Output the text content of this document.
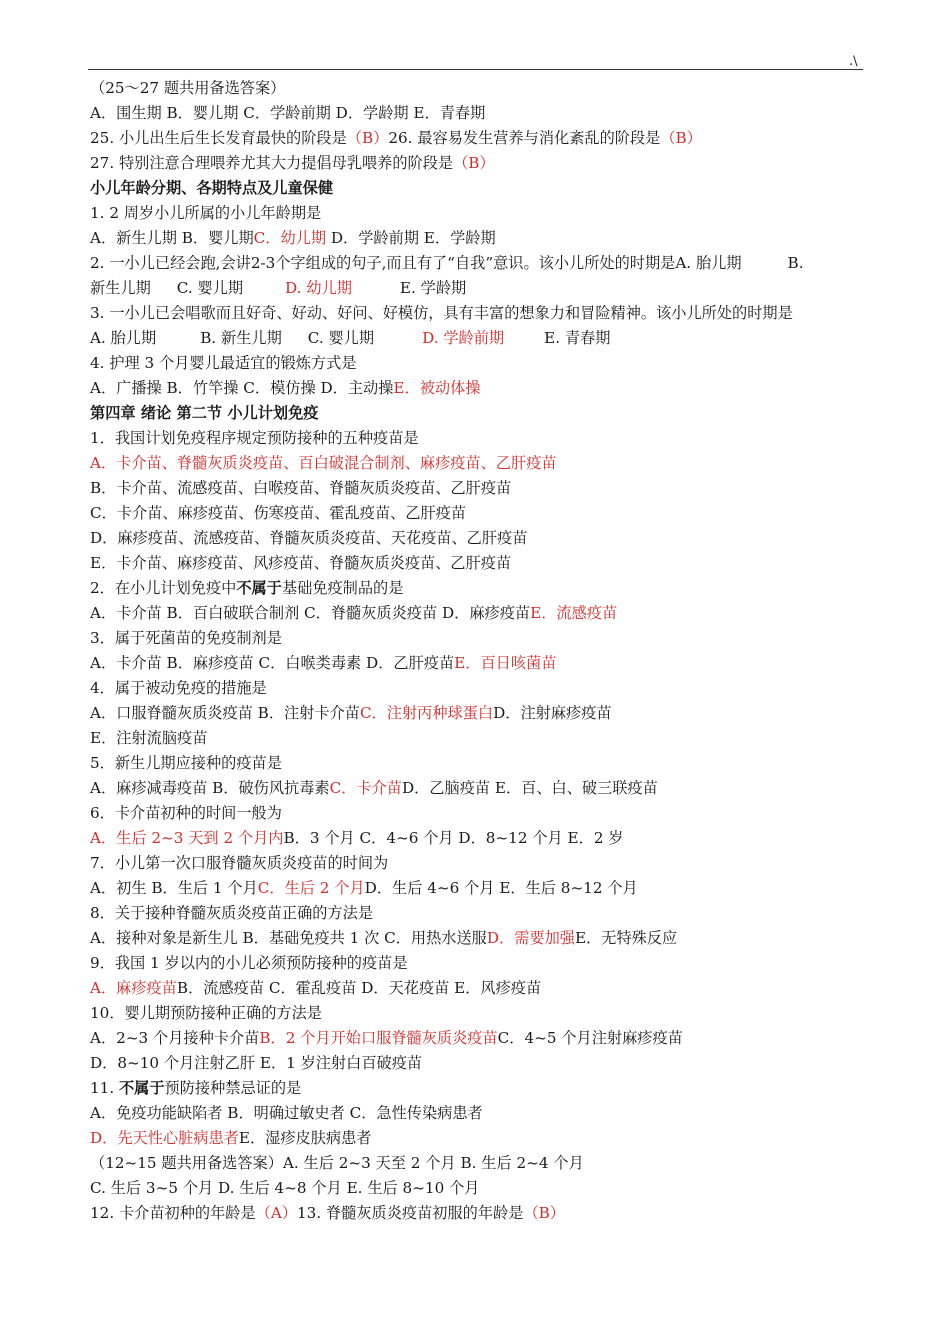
.\
（25～27 题共用备选答案）
A．围生期 B．婴儿期 C．学龄前期 D．学龄期 E．青春期
25. 小儿出生后生长发育最快的阶段是（B）26. 最容易发生营养与消化紊乱的阶段是（B）
27. 特别注意合理喂养尤其大力提倡母乳喂养的阶段是（B）
小儿年龄分期、各期特点及儿童保健
1. 2 周岁小儿所属的小儿年龄期是
A．新生儿期 B．婴儿期C．幼儿期 D．学龄前期 E．学龄期
2. 一小儿已经会跑,会讲2-3个字组成的句子,而且有了“自我”意识。该小儿所处的时期是A. 胎儿期	B.
新生儿期 C. 婴儿期	D. 幼儿期	E. 学龄期
3. 一小儿已会唱歌而且好奇、好动、好问、好模仿，具有丰富的想象力和冒险精神。该小儿所处的时期是
A. 胎儿期	B. 新生儿期 C. 婴儿期	D. 学龄前期	E. 青春期
4. 护理 3 个月婴儿最适宜的锻炼方式是
A．广播操 B．竹竿操 C．模仿操 D．主动操E．被动体操
第四章 绪论 第二节 小儿计划免疫
1．我国计划免疫程序规定预防接种的五种疫苗是
A．卡介苗、脊髓灰质炎疫苗、百白破混合制剂、麻疹疫苗、乙肝疫苗
B．卡介苗、流感疫苗、白喉疫苗、脊髓灰质炎疫苗、乙肝疫苗
C．卡介苗、麻疹疫苗、伤寒疫苗、霍乱疫苗、乙肝疫苗
D．麻疹疫苗、流感疫苗、脊髓灰质炎疫苗、天花疫苗、乙肝疫苗
E．卡介苗、麻疹疫苗、风疹疫苗、脊髓灰质炎疫苗、乙肝疫苗
2．在小儿计划免疫中不属于基础免疫制品的是
A．卡介苗 B．百白破联合制剂 C．脊髓灰质炎疫苗 D．麻疹疫苗E．流感疫苗
3．属于死菌苗的免疫制剂是
A．卡介苗 B．麻疹疫苗 C．白喉类毒素 D．乙肝疫苗E．百日咳菌苗
4．属于被动免疫的措施是
A．口服脊髓灰质炎疫苗 B．注射卡介苗C．注射丙种球蛋白D．注射麻疹疫苗
E．注射流脑疫苗
5．新生儿期应接种的疫苗是
A．麻疹减毒疫苗 B．破伤风抗毒素C．卡介苗D．乙脑疫苗 E．百、白、破三联疫苗
6．卡介苗初种的时间一般为
A．生后 2~3 天到 2 个月内B．3 个月 C．4~6 个月 D．8~12 个月 E．2 岁
7．小儿第一次口服脊髓灰质炎疫苗的时间为
A．初生 B．生后 1 个月C．生后 2 个月D．生后 4~6 个月 E．生后 8~12 个月
8．关于接种脊髓灰质炎疫苗正确的方法是
A．接种对象是新生儿 B．基础免疫共 1 次 C．用热水送服D．需要加强E．无特殊反应
9．我国 1 岁以内的小儿必须预防接种的疫苗是
A．麻疹疫苗B．流感疫苗 C．霍乱疫苗 D．天花疫苗 E．风疹疫苗
10．婴儿期预防接种正确的方法是
A．2~3 个月接种卡介苗B．2 个月开始口服脊髓灰质炎疫苗C．4~5 个月注射麻疹疫苗
D．8~10 个月注射乙肝 E．1 岁注射白百破疫苗
11. 不属于预防接种禁忌证的是
A．免疫功能缺陷者 B．明确过敏史者 C．急性传染病患者
D．先天性心脏病患者E．湿疹皮肤病患者
（12~15 题共用备选答案）A. 生后 2~3 天至 2 个月 B. 生后 2~4 个月
C. 生后 3~5 个月 D. 生后 4~8 个月 E. 生后 8~10 个月
12. 卡介苗初种的年龄是（A）13. 脊髓灰质炎疫苗初服的年龄是（B）
